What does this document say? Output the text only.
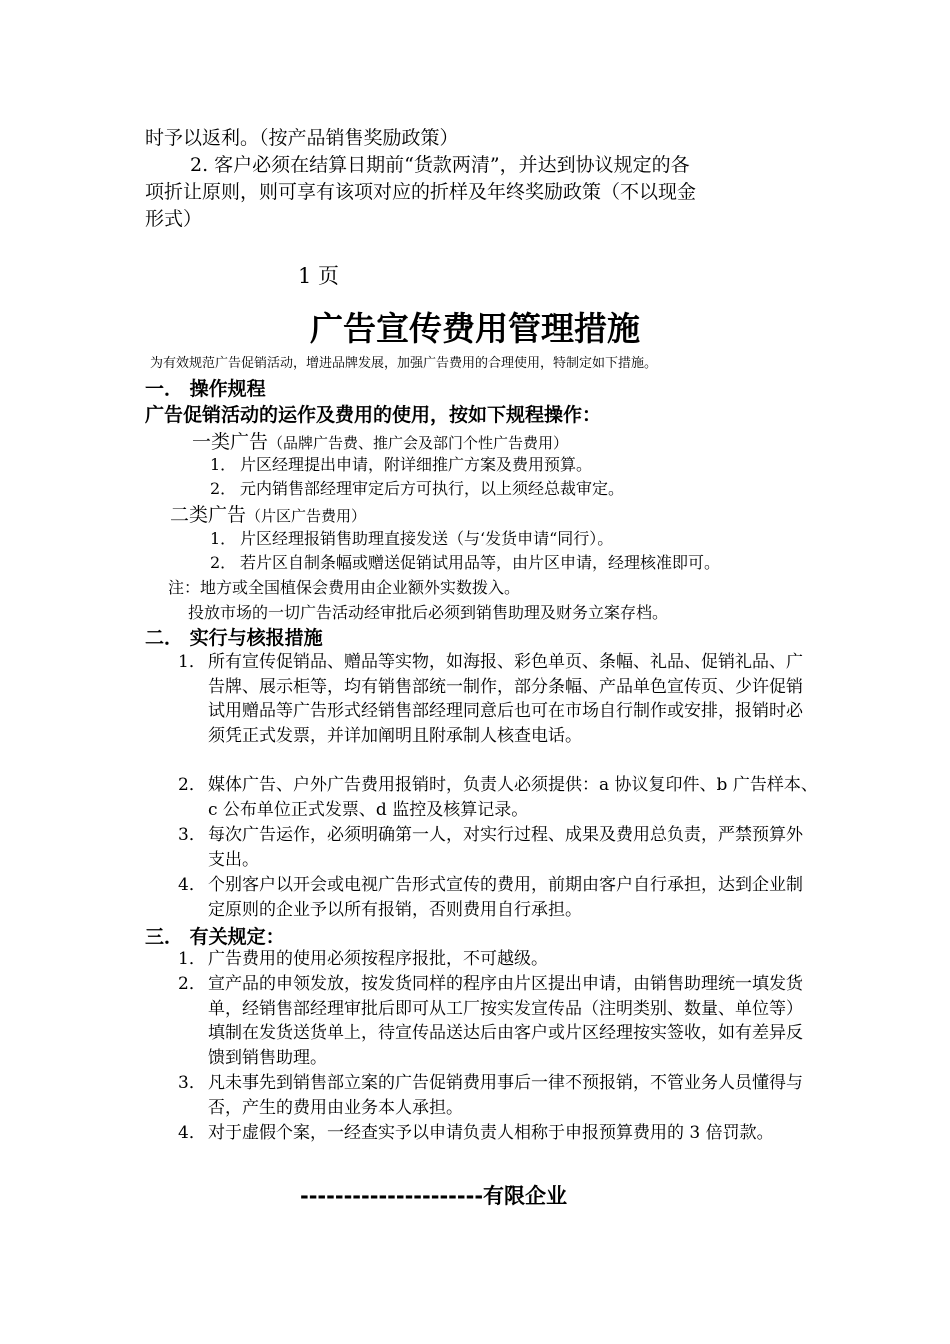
时予以返利。（按产品销售奖励政策）
2. 客户必须在结算日期前“货款两清”，并达到协议规定的各
项折让原则，则可享有该项对应的折样及年终奖励政策（不以现金
形式）
1 页
广告宣传费用管理措施
为有效规范广告促销活动，增进品牌发展，加强广告费用的合理使用，特制定如下措施。
一． 操作规程
广告促销活动的运作及费用的使用，按如下规程操作：
一类广告（品牌广告费、推广会及部门个性广告费用）
1． 片区经理提出申请，附详细推广方案及费用预算。
2． 元内销售部经理审定后方可执行，以上须经总裁审定。
二类广告（片区广告费用）
1． 片区经理报销售助理直接发送（与‘发货申请“同行）。
2． 若片区自制条幅或赠送促销试用品等，由片区申请，经理核准即可。
注：地方或全国植保会费用由企业额外实数拨入。
投放市场的一切广告活动经审批后必须到销售助理及财务立案存档。
二． 实行与核报措施
1． 所有宣传促销品、赠品等实物，如海报、彩色单页、条幅、礼品、促销礼品、广告牌、展示柜等，均有销售部统一制作，部分条幅、产品单色宣传页、少许促销试用赠品等广告形式经销售部经理同意后也可在市场自行制作或安排，报销时必须凭正式发票，并详加阐明且附承制人核查电话。
2． 媒体广告、户外广告费用报销时，负责人必须提供：a 协议复印件、b 广告样本、c 公布单位正式发票、d 监控及核算记录。
3． 每次广告运作，必须明确第一人，对实行过程、成果及费用总负责，严禁预算外支出。
4． 个别客户以开会或电视广告形式宣传的费用，前期由客户自行承担，达到企业制定原则的企业予以所有报销，否则费用自行承担。
三． 有关规定：
1． 广告费用的使用必须按程序报批，不可越级。
2． 宣产品的申领发放，按发货同样的程序由片区提出申请，由销售助理统一填发货单，经销售部经理审批后即可从工厂按实发宣传品（注明类别、数量、单位等）填制在发货送货单上，待宣传品送达后由客户或片区经理按实签收，如有差异反馈到销售助理。
3． 凡未事先到销售部立案的广告促销费用事后一律不预报销，不管业务人员懂得与否，产生的费用由业务本人承担。
4． 对于虚假个案，一经查实予以申请负责人相称于申报预算费用的 3 倍罚款。
---------------------有限企业
